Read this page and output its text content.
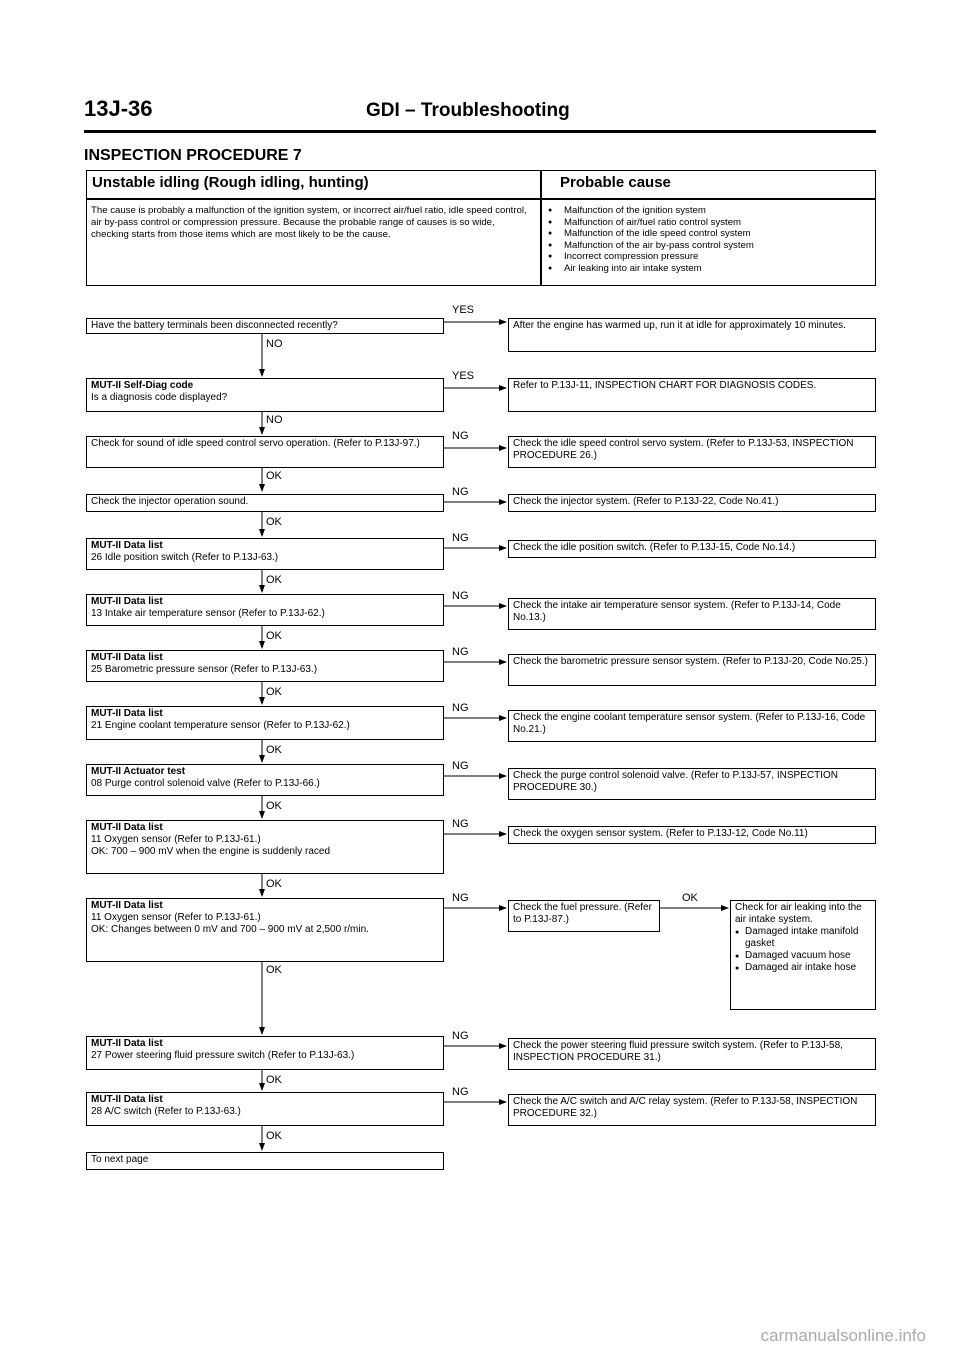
13J-36	GDI – Troubleshooting
INSPECTION PROCEDURE 7
Unstable idling (Rough idling, hunting)	Probable cause
The cause is probably a malfunction of the ignition system, or incorrect air/fuel ratio, idle speed control, air by-pass control or compression pressure. Because the probable range of causes is so wide, checking starts from those items which are most likely to be the cause.
● Malfunction of the ignition system
● Malfunction of air/fuel ratio control system
● Malfunction of the idle speed control system
● Malfunction of the air by-pass control system
● Incorrect compression pressure
● Air leaking into air intake system
Have the battery terminals been disconnected recently?
MUT-II Self-Diag code
Is a diagnosis code displayed?
Check for sound of idle speed control servo operation. (Refer to P.13J-97.)
Check the injector operation sound.
MUT-II Data list
26 Idle position switch (Refer to P.13J-63.)
MUT-II Data list
13 Intake air temperature sensor (Refer to P.13J-62.)
MUT-II Data list
25 Barometric pressure sensor (Refer to P.13J-63.)
MUT-II Data list
21 Engine coolant temperature sensor (Refer to P.13J-62.)
MUT-II Actuator test
08 Purge control solenoid valve (Refer to P.13J-66.)
MUT-II Data list
11 Oxygen sensor (Refer to P.13J-61.)
OK: 700 – 900 mV when the engine is suddenly raced
MUT-II Data list
11 Oxygen sensor (Refer to P.13J-61.)
OK: Changes between 0 mV and 700 – 900 mV at 2,500 r/min.
MUT-II Data list
27 Power steering fluid pressure switch (Refer to P.13J-63.)
MUT-II Data list
28 A/C switch (Refer to P.13J-63.)
To next page
After the engine has warmed up, run it at idle for approximately 10 minutes.
Refer to P.13J-11, INSPECTION CHART FOR DIAGNOSIS CODES.
Check the idle speed control servo system. (Refer to P.13J-53, INSPECTION PROCEDURE 26.)
Check the injector system. (Refer to P.13J-22, Code No.41.)
Check the idle position switch. (Refer to P.13J-15, Code No.14.)
Check the intake air temperature sensor system. (Refer to P.13J-14, Code No.13.)
Check the barometric pressure sensor system. (Refer to P.13J-20, Code No.25.)
Check the engine coolant temperature sensor system. (Refer to P.13J-16, Code No.21.)
Check the purge control solenoid valve. (Refer to P.13J-57, INSPECTION PROCEDURE 30.)
Check the oxygen sensor system. (Refer to P.13J-12, Code No.11)
Check the fuel pressure. (Refer to P.13J-87.)
Check for air leaking into the air intake system.
● Damaged intake manifold gasket
● Damaged vacuum hose
● Damaged air intake hose
Check the power steering fluid pressure switch system. (Refer to P.13J-58, INSPECTION PROCEDURE 31.)
Check the A/C switch and A/C relay system. (Refer to P.13J-58, INSPECTION PROCEDURE 32.)
YES
NO
YES
NO
NG
OK
NG
OK
NG
OK
NG
OK
NG
OK
NG
OK
NG
OK
NG
OK
NG	OK
OK
NG
OK
NG
OK
carmanualsonline.info
